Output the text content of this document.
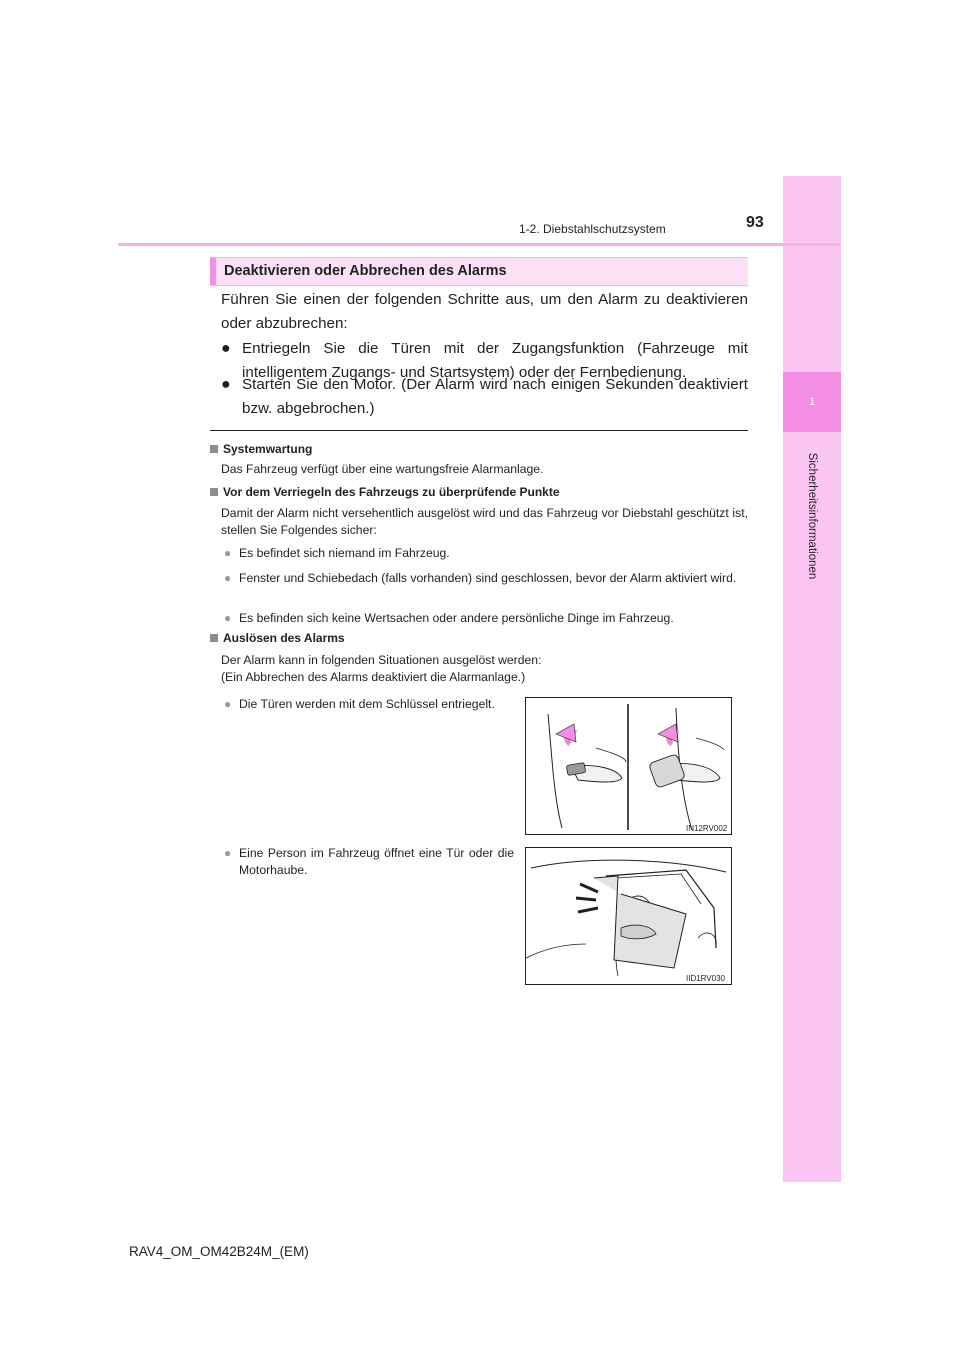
1
Sicherheitsinformationen
1-2. Diebstahlschutzsystem	93
Deaktivieren oder Abbrechen des Alarms
Führen Sie einen der folgenden Schritte aus, um den Alarm zu deaktivieren oder abzubrechen:
● Entriegeln Sie die Türen mit der Zugangsfunktion (Fahrzeuge mit intelligentem Zugangs- und Startsystem) oder der Fernbedienung.
● Starten Sie den Motor. (Der Alarm wird nach einigen Sekunden deaktiviert bzw. abgebrochen.)
Systemwartung
Das Fahrzeug verfügt über eine wartungsfreie Alarmanlage.
Vor dem Verriegeln des Fahrzeugs zu überprüfende Punkte
Damit der Alarm nicht versehentlich ausgelöst wird und das Fahrzeug vor Diebstahl geschützt ist, stellen Sie Folgendes sicher:
● Es befindet sich niemand im Fahrzeug.
● Fenster und Schiebedach (falls vorhanden) sind geschlossen, bevor der Alarm aktiviert wird.
● Es befinden sich keine Wertsachen oder andere persönliche Dinge im Fahrzeug.
Auslösen des Alarms
Der Alarm kann in folgenden Situationen ausgelöst werden:
(Ein Abbrechen des Alarms deaktiviert die Alarmanlage.)
● Die Türen werden mit dem Schlüssel entriegelt.
● Eine Person im Fahrzeug öffnet eine Tür oder die Motorhaube.
IN12RV002
IID1RV030
RAV4_OM_OM42B24M_(EM)
